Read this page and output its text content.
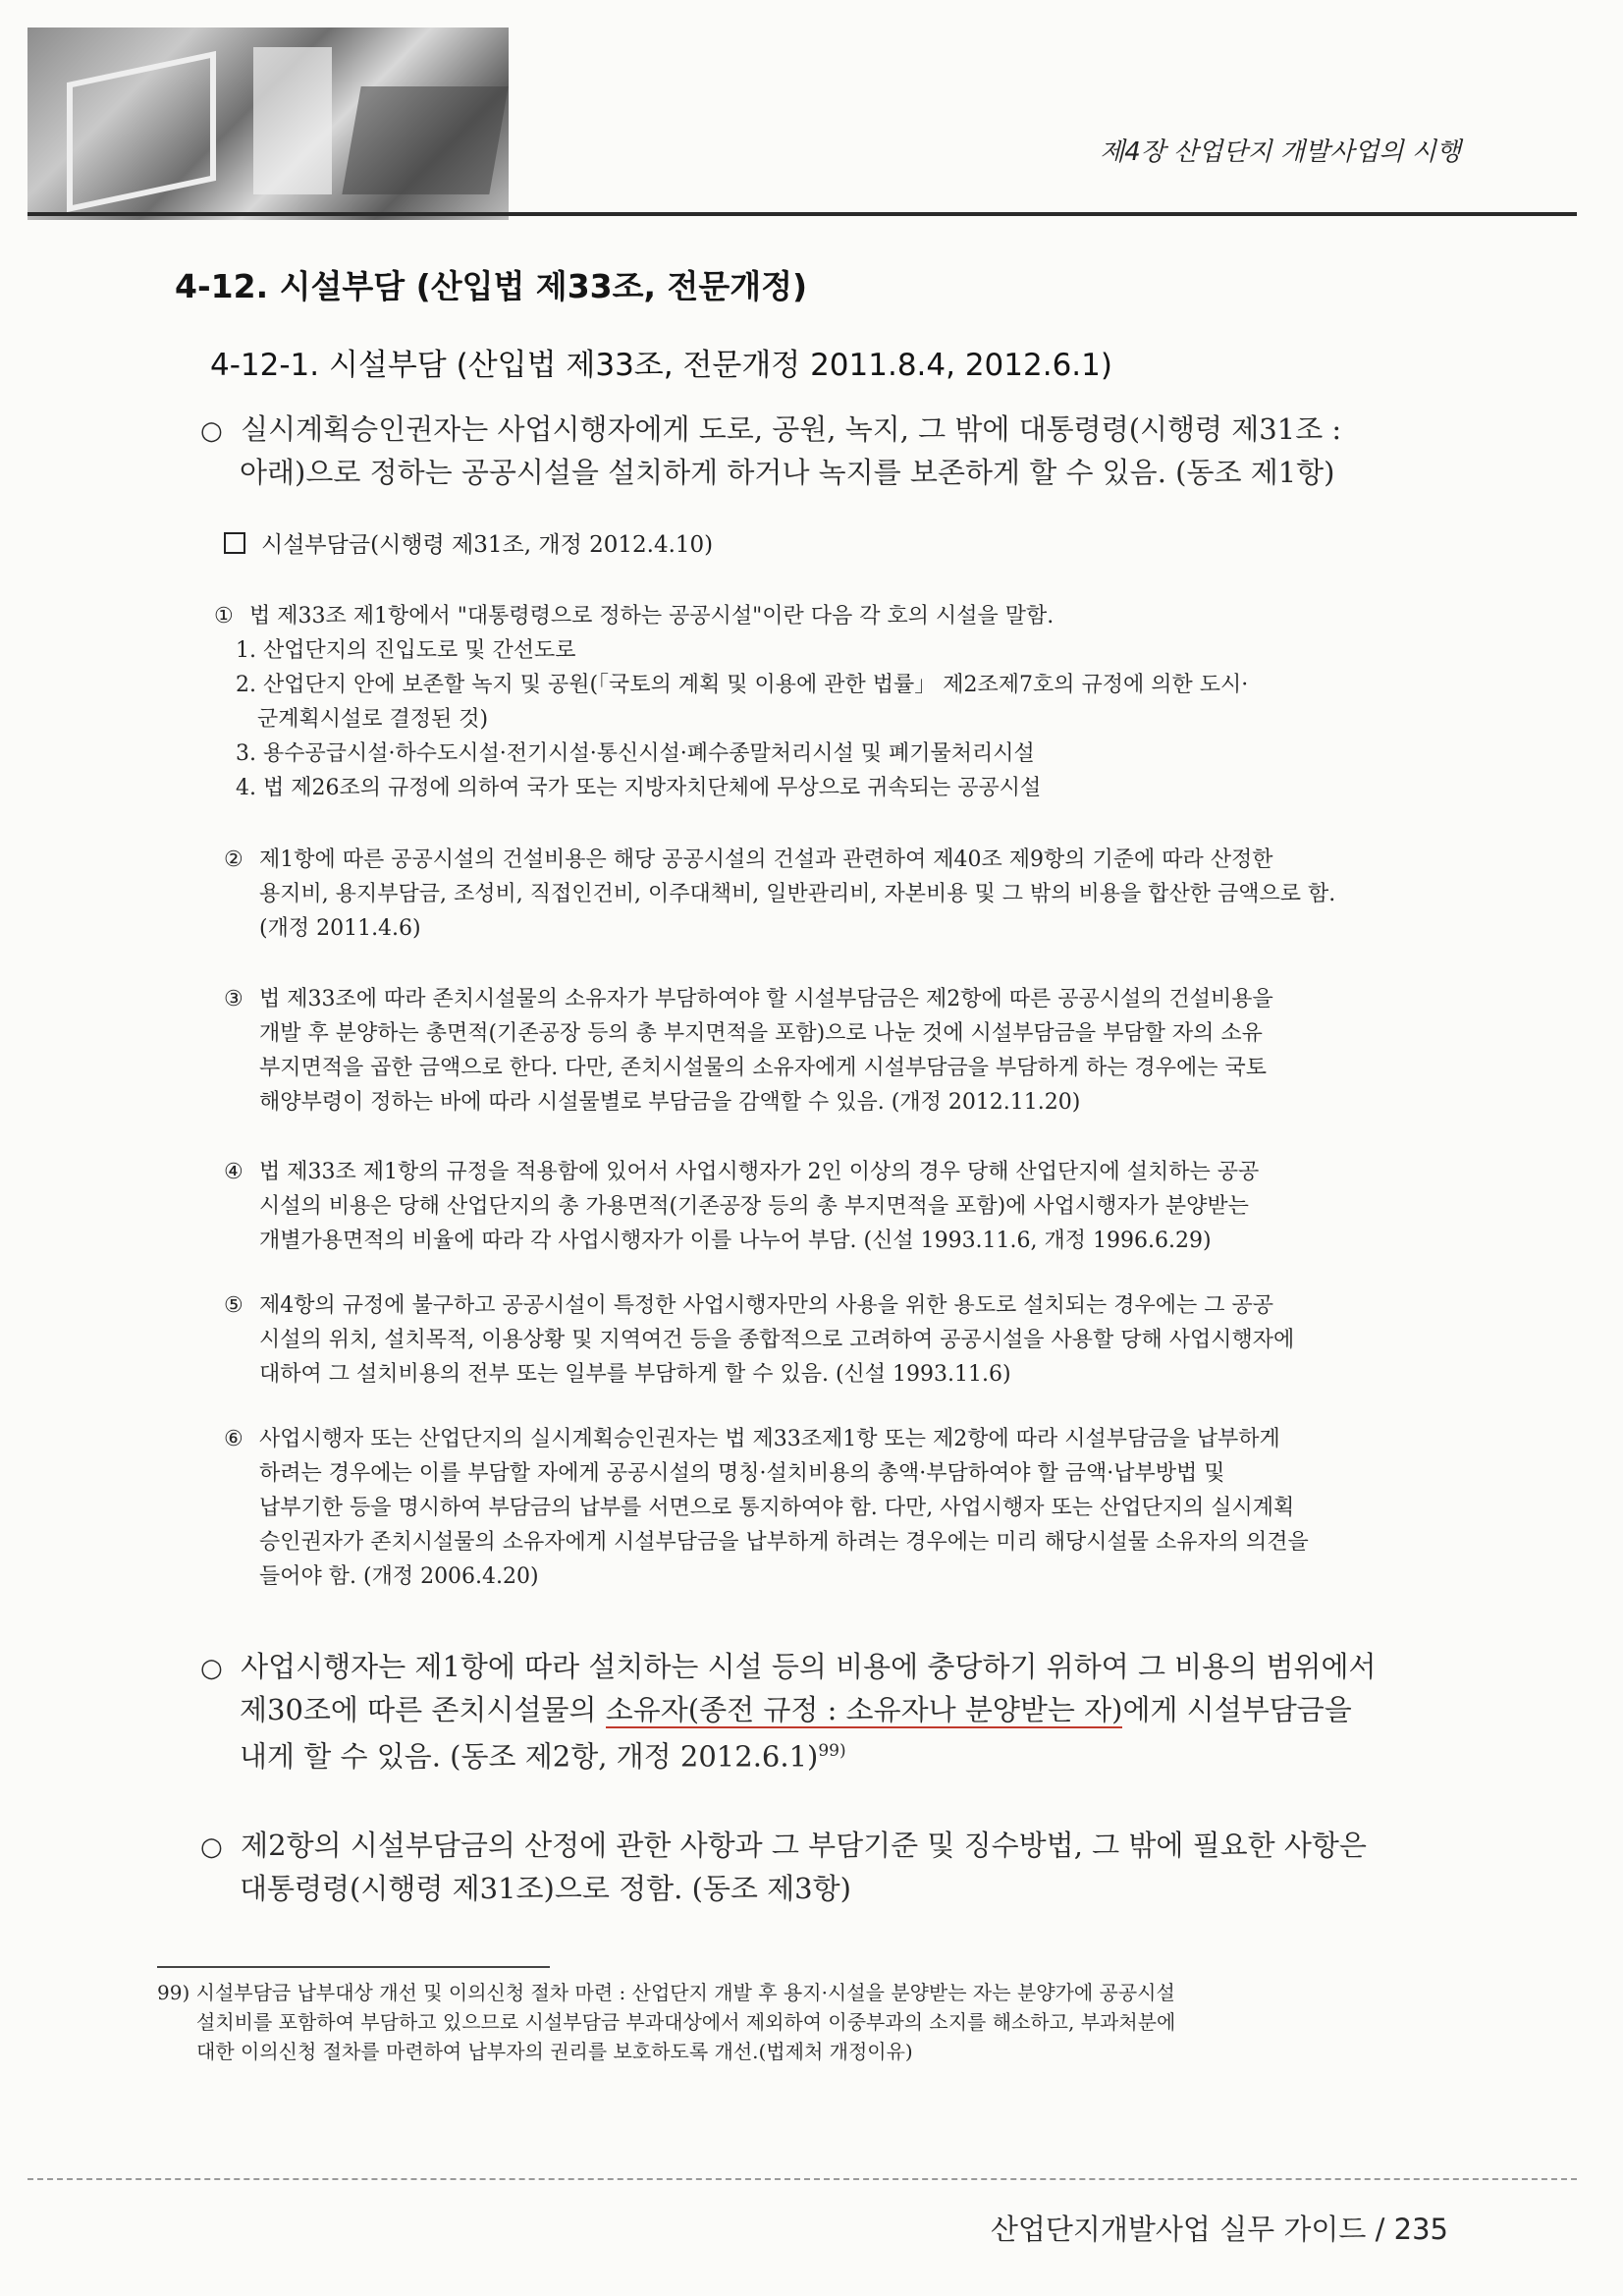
제4장 산업단지 개발사업의 시행
4-12. 시설부담 (산입법 제33조, 전문개정)
4-12-1. 시설부담 (산입법 제33조, 전문개정 2011.8.4, 2012.6.1)
○ 실시계획승인권자는 사업시행자에게 도로, 공원, 녹지, 그 밖에 대통령령(시행령 제31조 :
아래)으로 정하는 공공시설을 설치하게 하거나 녹지를 보존하게 할 수 있음. (동조 제1항)
시설부담금(시행령 제31조, 개정 2012.4.10)
① 법 제33조 제1항에서 "대통령령으로 정하는 공공시설"이란 다음 각 호의 시설을 말함.
1. 산업단지의 진입도로 및 간선도로
2. 산업단지 안에 보존할 녹지 및 공원(「국토의 계획 및 이용에 관한 법률」 제2조제7호의 규정에 의한 도시·
군계획시설로 결정된 것)
3. 용수공급시설·하수도시설·전기시설·통신시설·폐수종말처리시설 및 폐기물처리시설
4. 법 제26조의 규정에 의하여 국가 또는 지방자치단체에 무상으로 귀속되는 공공시설
② 제1항에 따른 공공시설의 건설비용은 해당 공공시설의 건설과 관련하여 제40조 제9항의 기준에 따라 산정한
용지비, 용지부담금, 조성비, 직접인건비, 이주대책비, 일반관리비, 자본비용 및 그 밖의 비용을 합산한 금액으로 함.
(개정 2011.4.6)
③ 법 제33조에 따라 존치시설물의 소유자가 부담하여야 할 시설부담금은 제2항에 따른 공공시설의 건설비용을
개발 후 분양하는 총면적(기존공장 등의 총 부지면적을 포함)으로 나눈 것에 시설부담금을 부담할 자의 소유
부지면적을 곱한 금액으로 한다. 다만, 존치시설물의 소유자에게 시설부담금을 부담하게 하는 경우에는 국토
해양부령이 정하는 바에 따라 시설물별로 부담금을 감액할 수 있음. (개정 2012.11.20)
④ 법 제33조 제1항의 규정을 적용함에 있어서 사업시행자가 2인 이상의 경우 당해 산업단지에 설치하는 공공
시설의 비용은 당해 산업단지의 총 가용면적(기존공장 등의 총 부지면적을 포함)에 사업시행자가 분양받는
개별가용면적의 비율에 따라 각 사업시행자가 이를 나누어 부담. (신설 1993.11.6, 개정 1996.6.29)
⑤ 제4항의 규정에 불구하고 공공시설이 특정한 사업시행자만의 사용을 위한 용도로 설치되는 경우에는 그 공공
시설의 위치, 설치목적, 이용상황 및 지역여건 등을 종합적으로 고려하여 공공시설을 사용할 당해 사업시행자에
대하여 그 설치비용의 전부 또는 일부를 부담하게 할 수 있음. (신설 1993.11.6)
⑥ 사업시행자 또는 산업단지의 실시계획승인권자는 법 제33조제1항 또는 제2항에 따라 시설부담금을 납부하게
하려는 경우에는 이를 부담할 자에게 공공시설의 명칭·설치비용의 총액·부담하여야 할 금액·납부방법 및
납부기한 등을 명시하여 부담금의 납부를 서면으로 통지하여야 함. 다만, 사업시행자 또는 산업단지의 실시계획
승인권자가 존치시설물의 소유자에게 시설부담금을 납부하게 하려는 경우에는 미리 해당시설물 소유자의 의견을
들어야 함. (개정 2006.4.20)
○ 사업시행자는 제1항에 따라 설치하는 시설 등의 비용에 충당하기 위하여 그 비용의 범위에서
제30조에 따른 존치시설물의 소유자(종전 규정 : 소유자나 분양받는 자)에게 시설부담금을
내게 할 수 있음. (동조 제2항, 개정 2012.6.1)$^{99)}$
○ 제2항의 시설부담금의 산정에 관한 사항과 그 부담기준 및 징수방법, 그 밖에 필요한 사항은
대통령령(시행령 제31조)으로 정함. (동조 제3항)
99) 시설부담금 납부대상 개선 및 이의신청 절차 마련 : 산업단지 개발 후 용지·시설을 분양받는 자는 분양가에 공공시설
설치비를 포함하여 부담하고 있으므로 시설부담금 부과대상에서 제외하여 이중부과의 소지를 해소하고, 부과처분에
대한 이의신청 절차를 마련하여 납부자의 권리를 보호하도록 개선.(법제처 개정이유)
산업단지개발사업 실무 가이드 / 235
